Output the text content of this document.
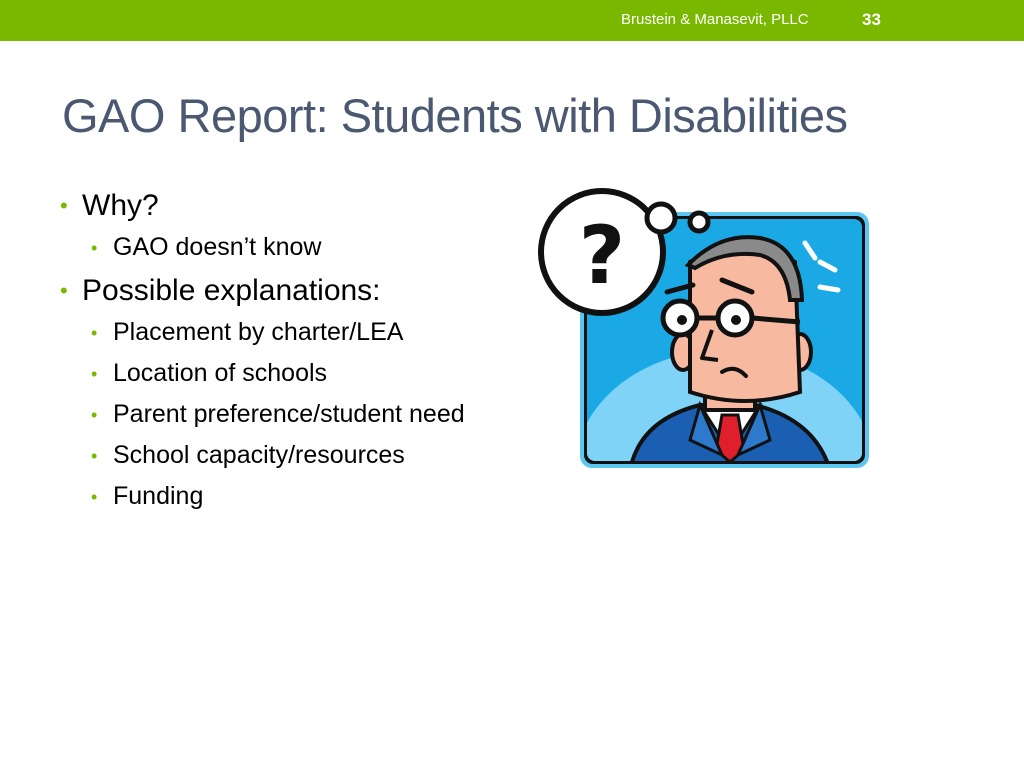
Brustein & Manasevit, PLLC	33
GAO Report: Students with Disabilities
• Why?
• GAO doesn’t know
• Possible explanations:
• Placement by charter/LEA
• Location of schools
• Parent preference/student need
• School capacity/resources
• Funding
?
